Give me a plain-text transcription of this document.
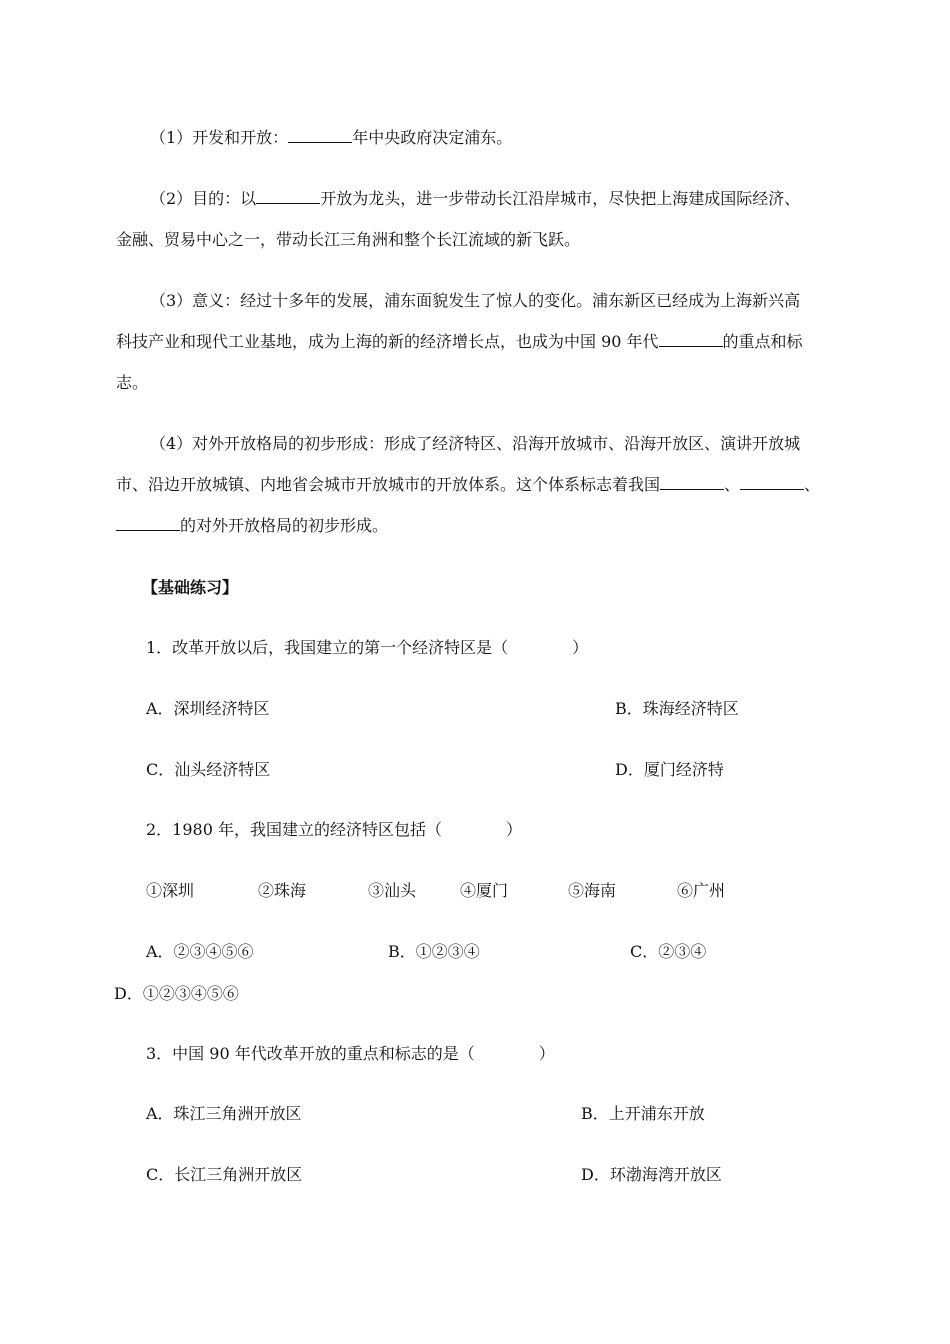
（1）开发和开放：	年中央政府决定浦东。
（2）目的：以	开放为龙头，进一步带动长江沿岸城市，尽快把上海建成国际经济、
金融、贸易中心之一，带动长江三角洲和整个长江流域的新飞跃。
（3）意义：经过十多年的发展，浦东面貌发生了惊人的变化。浦东新区已经成为上海新兴高
科技产业和现代工业基地，成为上海的新的经济增长点，也成为中国 90 年代	的重点和标
志。
（4）对外开放格局的初步形成：形成了经济特区、沿海开放城市、沿海开放区、演讲开放城
市、沿边开放城镇、内地省会城市开放城市的开放体系。这个体系标志着我国	、	、
的对外开放格局的初步形成。
【基础练习】
1．改革开放以后，我国建立的第一个经济特区是（　　　　）
A．深圳经济特区	B．珠海经济特区
C．汕头经济特区	D．厦门经济特
2．1980 年，我国建立的经济特区包括（　　　　）
①深圳	②珠海	③汕头	④厦门	⑤海南	⑥广州
A．②③④⑤⑥	B．①②③④	C．②③④
D．①②③④⑤⑥
3．中国 90 年代改革开放的重点和标志的是（　　　　）
A．珠江三角洲开放区	B．上开浦东开放
C．长江三角洲开放区	D．环渤海湾开放区
